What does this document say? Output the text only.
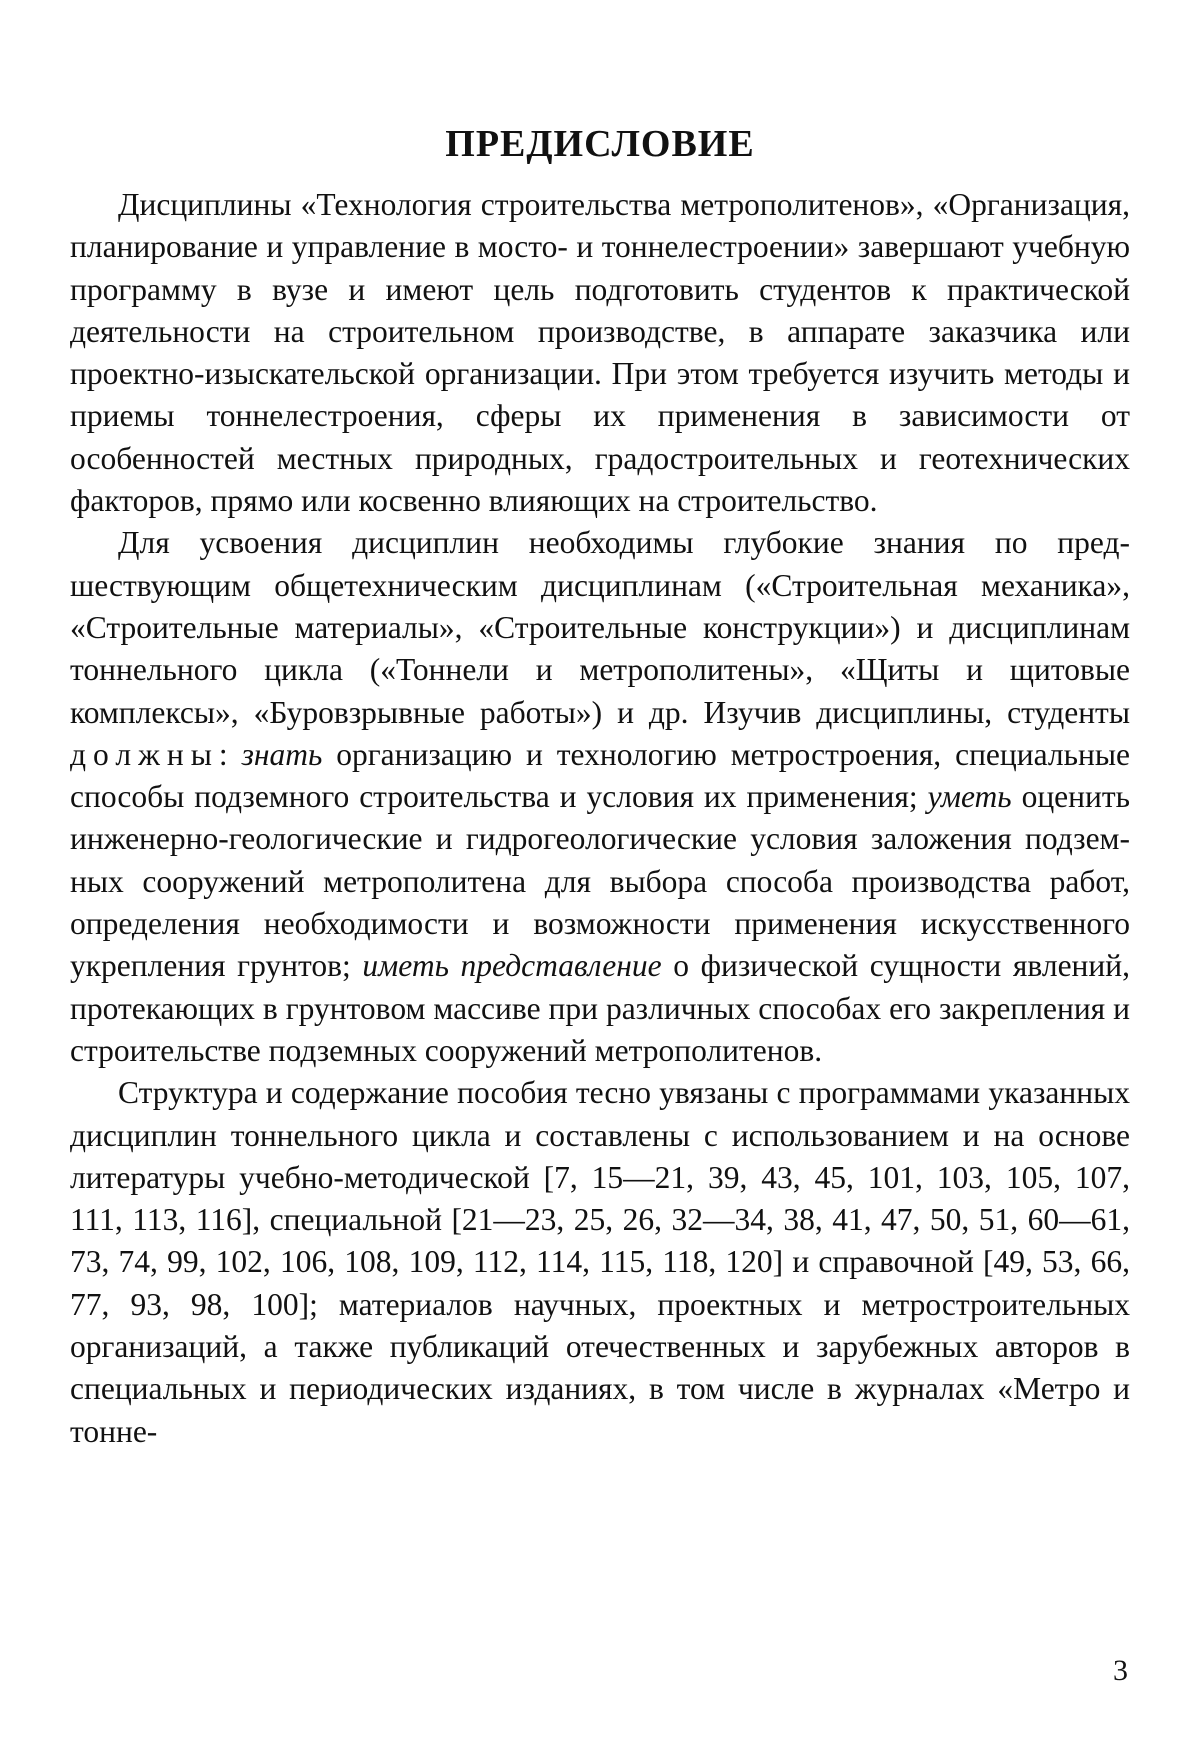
ПРЕДИСЛОВИЕ

Дисциплины «Технология строительства метрополитенов», «Организация, планирование и управление в мосто- и тоннелестроении» завершают учебную программу в вузе и имеют цель подготовить студентов к практической деятельности на строительном производстве, в аппарате заказчика или проектно-изыскательской организации. При этом требуется изучить методы и приемы тоннелестроения, сферы их применения в зависимости от особенностей местных природных, градостроительных и геотехнических факторов, прямо или косвенно влияющих на строительство.

Для усвоения дисциплин необходимы глубокие знания по предшествующим общетехническим дисциплинам («Строительная механика», «Строительные материалы», «Строительные конструкции») и дисциплинам тоннельного цикла («Тоннели и метрополитены», «Щиты и щитовые комплексы», «Буровзрывные работы») и др. Изучив дисциплины, студенты должны: знать организацию и технологию метростроения, специальные способы подземного строительства и условия их применения; уметь оценить инженерно-геологические и гидрогеологические условия заложения подземных сооружений метрополитена для выбора способа производства работ, определения необходимости и возможности применения искусственного укрепления грунтов; иметь представление о физической сущности явлений, протекающих в грунтовом массиве при различных способах его закрепления и строительстве подземных сооружений метрополитенов.

Структура и содержание пособия тесно увязаны с программами указанных дисциплин тоннельного цикла и составлены с использованием и на основе литературы учебно-методической [7, 15—21, 39, 43, 45, 101, 103, 105, 107, 111, 113, 116], специальной [21—23, 25, 26, 32—34, 38, 41, 47, 50, 51, 60—61, 73, 74, 99, 102, 106, 108, 109, 112, 114, 115, 118, 120] и справочной [49, 53, 66, 77, 93, 98, 100]; материалов научных, проектных и метростроительных организаций, а также публикаций отечественных и зарубежных авторов в специальных и периодических изданиях, в том числе в журналах «Метро и тонне-

3
